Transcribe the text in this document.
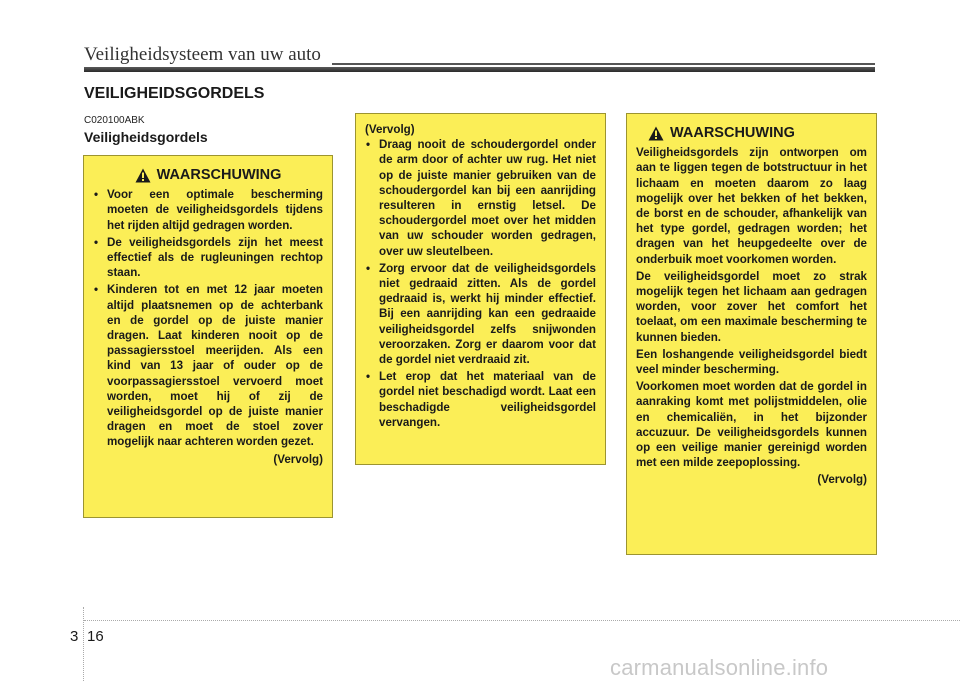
Veiligheidsysteem van uw auto
VEILIGHEIDSGORDELS
C020100ABK
Veiligheidsgordels
WAARSCHUWING
• Voor een optimale bescherming moeten de veiligheidsgordels tijdens het rijden altijd gedragen worden.
• De veiligheidsgordels zijn het meest effectief als de rugleuningen rechtop staan.
• Kinderen tot en met 12 jaar moeten altijd plaatsnemen op de achterbank en de gordel op de juiste manier dragen. Laat kinderen nooit op de passagiersstoel meerijden. Als een kind van 13 jaar of ouder op de voorpassagiersstoel vervoerd moet worden, moet hij of zij de veiligheidsgordel op de juiste manier dragen en moet de stoel zover mogelijk naar achteren worden gezet.
(Vervolg)

(Vervolg)

• Draag nooit de schoudergordel onder de arm door of achter uw rug. Het niet op de juiste manier gebruiken van de schoudergordel kan bij een aanrijding resulteren in ernstig letsel. De schoudergordel moet over het midden van uw schouder worden gedragen, over uw sleutelbeen.
• Zorg ervoor dat de veiligheidsgordels niet gedraaid zitten. Als de gordel gedraaid is, werkt hij minder effectief. Bij een aanrijding kan een gedraaide veiligheidsgordel zelfs snijwonden veroorzaken. Zorg er daarom voor dat de gordel niet verdraaid zit.
• Let erop dat het materiaal van de gordel niet beschadigd wordt. Laat een beschadigde veiligheidsgordel vervangen.
WAARSCHUWING

Veiligheidsgordels zijn ontworpen om aan te liggen tegen de botstructuur in het lichaam en moeten daarom zo laag mogelijk over het bekken of het bekken, de borst en de schouder, afhankelijk van het type gordel, gedragen worden; het dragen van het heupgedeelte over de onderbuik moet voorkomen worden.

De veiligheidsgordel moet zo strak mogelijk tegen het lichaam aan gedragen worden, voor zover het comfort het toelaat, om een maximale bescherming te kunnen bieden.

Een loshangende veiligheidsgordel biedt veel minder bescherming.

Voorkomen moet worden dat de gordel in aanraking komt met polijstmiddelen, olie en chemicaliën, in het bijzonder accuzuur. De veiligheidsgordels kunnen op een veilige manier gereinigd worden met een milde zeepoplossing.

(Vervolg)
3 16
carmanualsonline.info
